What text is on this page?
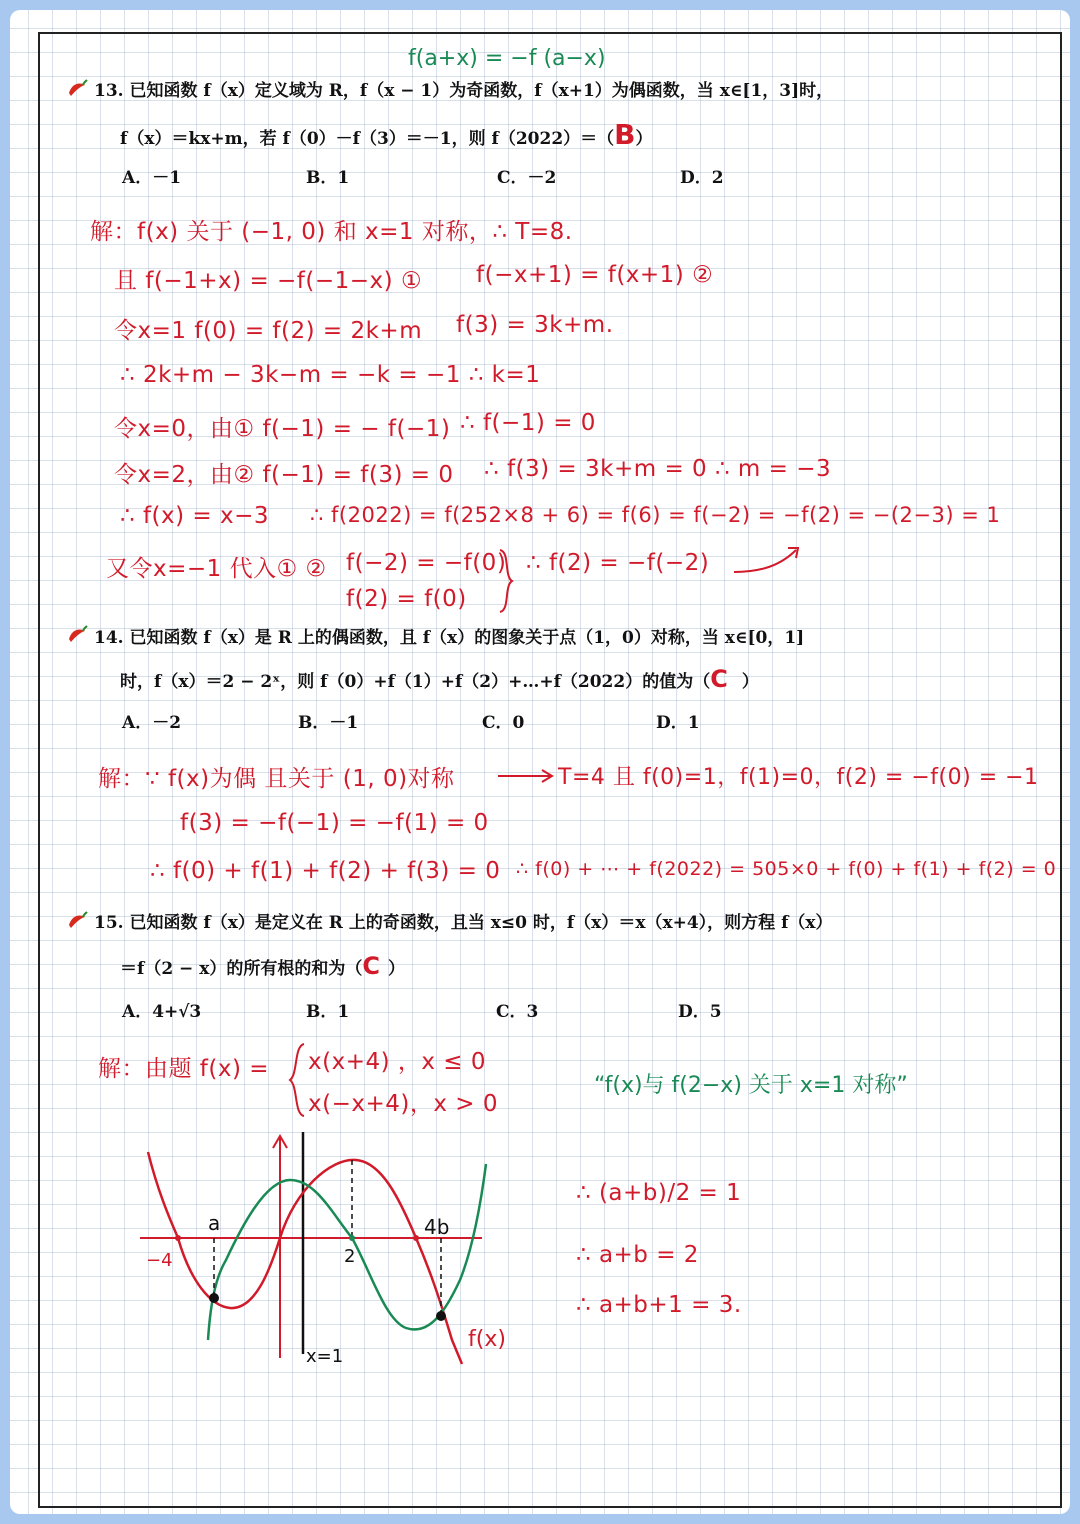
f(a+x) = −f (a−x)
13. 已知函数 f（x）定义域为 R，f（x − 1）为奇函数，f（x+1）为偶函数，当 x∈[1，3]时，
f（x）＝kx+m，若 f（0）－f（3）＝－1，则 f（2022）＝（B）
A．－1	B．1	C．－2	D．2
解：f(x) 关于 (−1, 0) 和 x=1 对称，∴ T=8.
且 f(−1+x) = −f(−1−x) ① f(−x+1) = f(x+1) ②
令x=1 f(0) = f(2) = 2k+m f(3) = 3k+m.
∴ 2k+m − 3k−m = −k = −1 ∴ k=1
令x=0，由① f(−1) = − f(−1) ∴ f(−1) = 0
令x=2，由② f(−1) = f(3) = 0 ∴ f(3) = 3k+m = 0 ∴ m = −3
∴ f(x) = x−3 ∴ f(2022) = f(252×8 + 6) = f(6) = f(−2) = −f(2) = −(2−3) = 1
又令x=−1 代入① ② f(−2) = −f(0)
f(2) = f(0)
∴ f(2) = −f(−2)
14. 已知函数 f（x）是 R 上的偶函数，且 f（x）的图象关于点（1，0）对称，当 x∈[0，1]
时，f（x）＝2 − 2ˣ，则 f（0）+f（1）+f（2）+…+f（2022）的值为（C ）
A．－2	B．－1	C．0	D．1
解：∵ f(x)为偶 且关于 (1, 0)对称	T=4 且 f(0)=1，f(1)=0，f(2) = −f(0) = −1
f(3) = −f(−1) = −f(1) = 0
∴ f(0) + f(1) + f(2) + f(3) = 0 ∴ f(0) + ⋯ + f(2022) = 505×0 + f(0) + f(1) + f(2) = 0
15. 已知函数 f（x）是定义在 R 上的奇函数，且当 x≤0 时，f（x）＝x（x+4），则方程 f（x）
＝f（2 − x）的所有根的和为（C ）
A．4+√3	B．1	C．3	D．5
解：由题 f(x) = x(x+4) ，x ≤ 0
x(−x+4)，x > 0
“f(x)与 f(2−x) 关于 x=1 对称”
a	4b
−4	2
x=1
f(x)
∴ (a+b)/2 = 1
∴ a+b = 2
∴ a+b+1 = 3.
